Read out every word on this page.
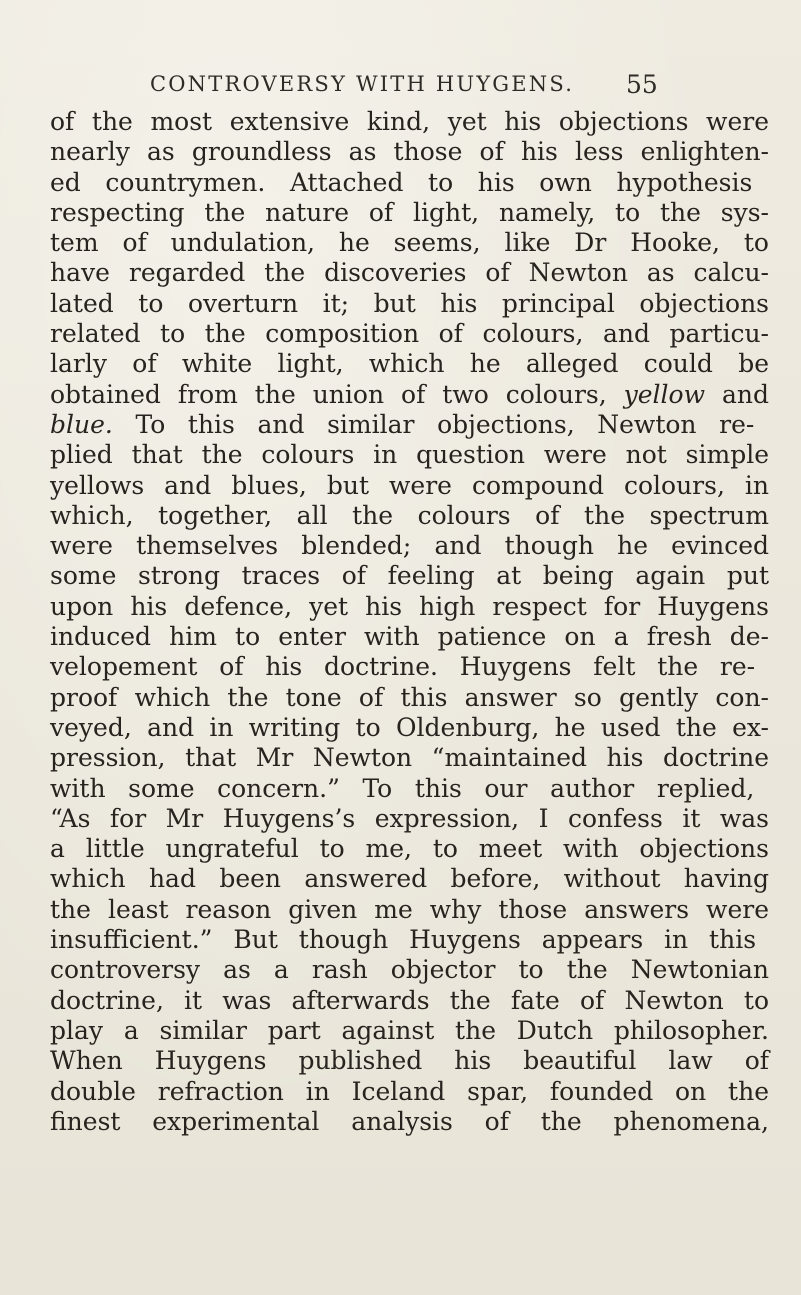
CONTROVERSY WITH HUYGENS. 55
of the most extensive kind, yet his objections were
nearly as groundless as those of his less enlighten-
ed countrymen. Attached to his own hypothesis
respecting the nature of light, namely, to the sys-
tem of undulation, he seems, like Dr Hooke, to
have regarded the discoveries of Newton as calcu-
lated to overturn it; but his principal objections
related to the composition of colours, and particu-
larly of white light, which he alleged could be
obtained from the union of two colours, yellow and
blue. To this and similar objections, Newton re-
plied that the colours in question were not simple
yellows and blues, but were compound colours, in
which, together, all the colours of the spectrum
were themselves blended; and though he evinced
some strong traces of feeling at being again put
upon his defence, yet his high respect for Huygens
induced him to enter with patience on a fresh de-
velopement of his doctrine. Huygens felt the re-
proof which the tone of this answer so gently con-
veyed, and in writing to Oldenburg, he used the ex-
pression, that Mr Newton “maintained his doctrine
with some concern.” To this our author replied,
“As for Mr Huygens’s expression, I confess it was
a little ungrateful to me, to meet with objections
which had been answered before, without having
the least reason given me why those answers were
insufficient.” But though Huygens appears in this
controversy as a rash objector to the Newtonian
doctrine, it was afterwards the fate of Newton to
play a similar part against the Dutch philosopher.
When Huygens published his beautiful law of
double refraction in Iceland spar, founded on the
finest experimental analysis of the phenomena,
